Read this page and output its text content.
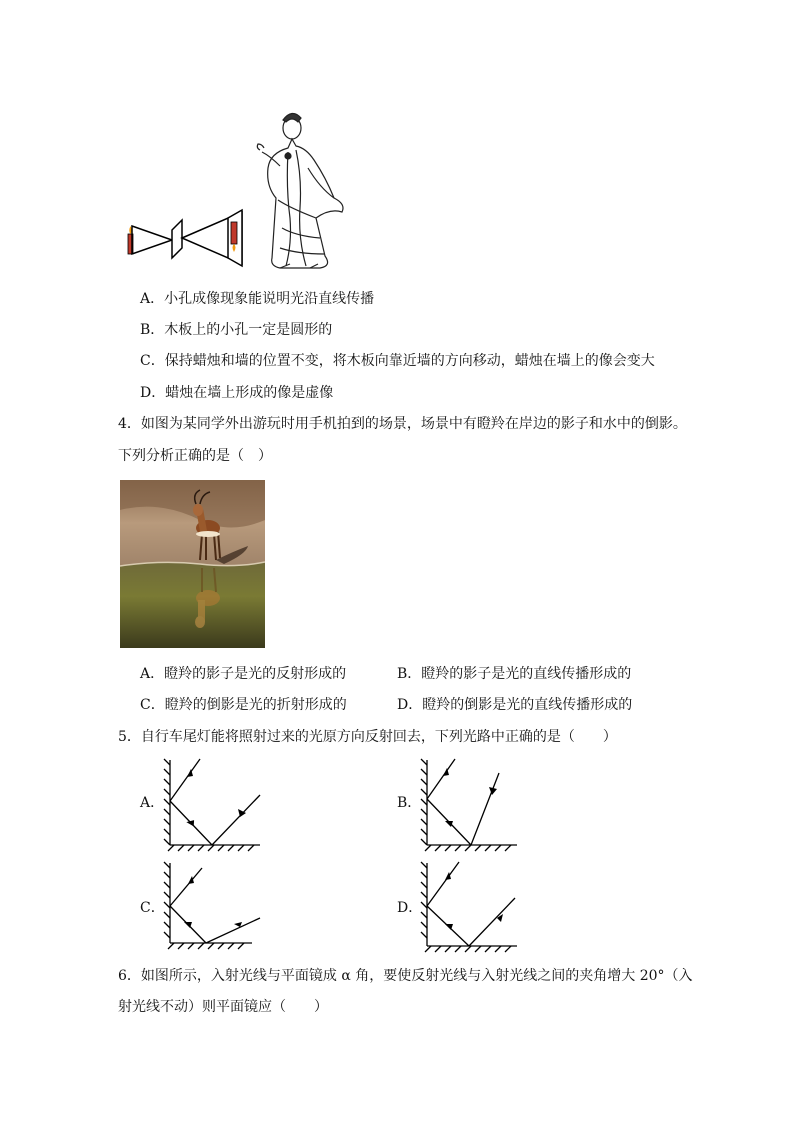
A．小孔成像现象能说明光沿直线传播
B．木板上的小孔一定是圆形的
C．保持蜡烛和墙的位置不变，将木板向靠近墙的方向移动，蜡烛在墙上的像会变大
D．蜡烛在墙上形成的像是虚像
4．如图为某同学外出游玩时用手机拍到的场景，场景中有瞪羚在岸边的影子和水中的倒影。
下列分析正确的是（　）
A．瞪羚的影子是光的反射形成的	B．瞪羚的影子是光的直线传播形成的
C．瞪羚的倒影是光的折射形成的	D．瞪羚的倒影是光的直线传播形成的
5．自行车尾灯能将照射过来的光原方向反射回去，下列光路中正确的是（　　）
A．	B．
C．	D．
6．如图所示，入射光线与平面镜成 α 角，要使反射光线与入射光线之间的夹角增大 20°（入
射光线不动）则平面镜应（　　）
